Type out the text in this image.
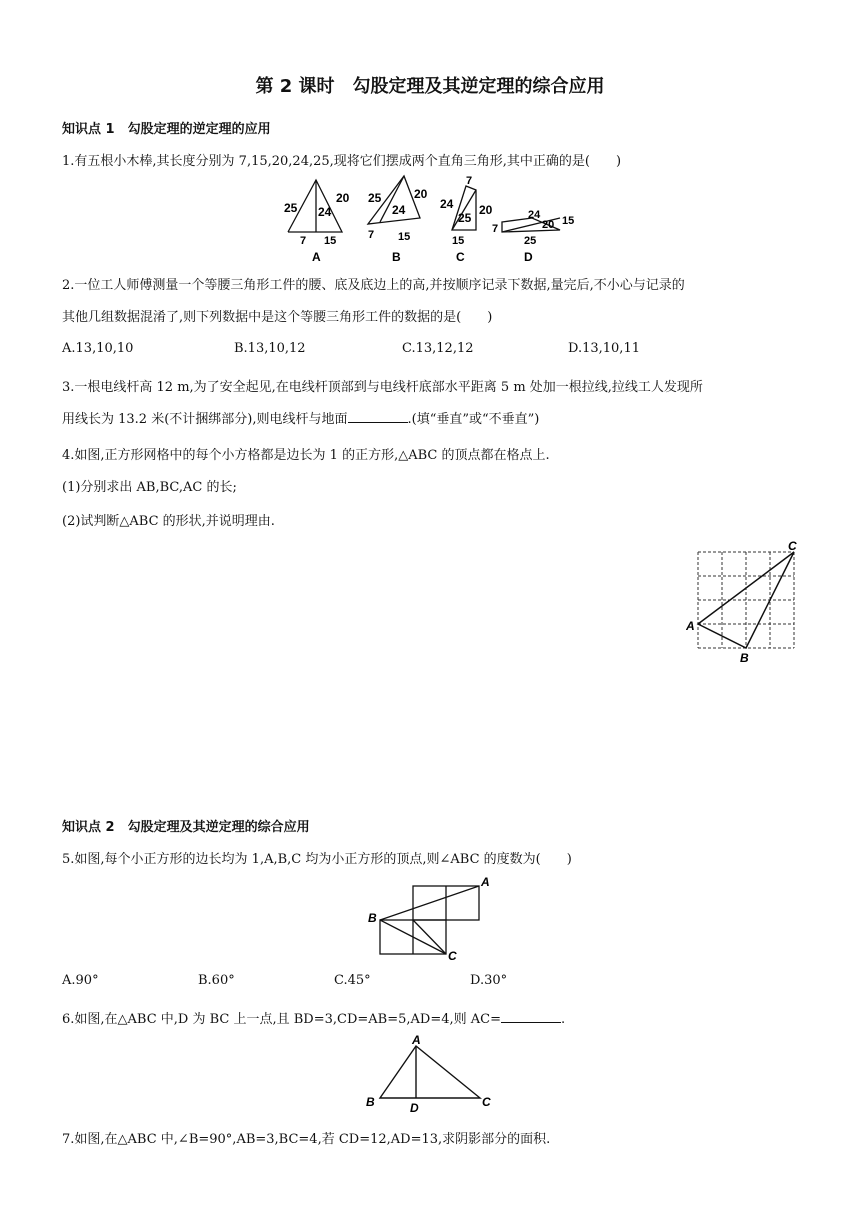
第 2 课时　勾股定理及其逆定理的综合应用
知识点 1　勾股定理的逆定理的应用
1.有五根小木棒,其长度分别为 7,15,20,24,25,现将它们摆成两个直角三角形,其中正确的是(　　)
25 24
20
7 15
A
25
24
20
7 15
B
7
24
25
20
15
C
7
24
20 15
25
D
2.一位工人师傅测量一个等腰三角形工件的腰、底及底边上的高,并按顺序记录下数据,量完后,不小心与记录的
其他几组数据混淆了,则下列数据中是这个等腰三角形工件的数据的是(　　)
A.13,10,10	B.13,10,12	C.13,12,12	D.13,10,11
3.一根电线杆高 12 m,为了安全起见,在电线杆顶部到与电线杆底部水平距离 5 m 处加一根拉线,拉线工人发现所
用线长为 13.2 米(不计捆绑部分),则电线杆与地面	.(填“垂直”或“不垂直”)
4.如图,正方形网格中的每个小方格都是边长为 1 的正方形,△ABC 的顶点都在格点上.
(1)分别求出 AB,BC,AC 的长;
(2)试判断△ABC 的形状,并说明理由.
A
B
C
知识点 2　勾股定理及其逆定理的综合应用
5.如图,每个小正方形的边长均为 1,A,B,C 均为小正方形的顶点,则∠ABC 的度数为(　　)
A
B
C
A.90°	B.60°	C.45°	D.30°
6.如图,在△ABC 中,D 为 BC 上一点,且 BD=3,CD=AB=5,AD=4,则 AC=	.
A
B	C
D
7.如图,在△ABC 中,∠B=90°,AB=3,BC=4,若 CD=12,AD=13,求阴影部分的面积.
